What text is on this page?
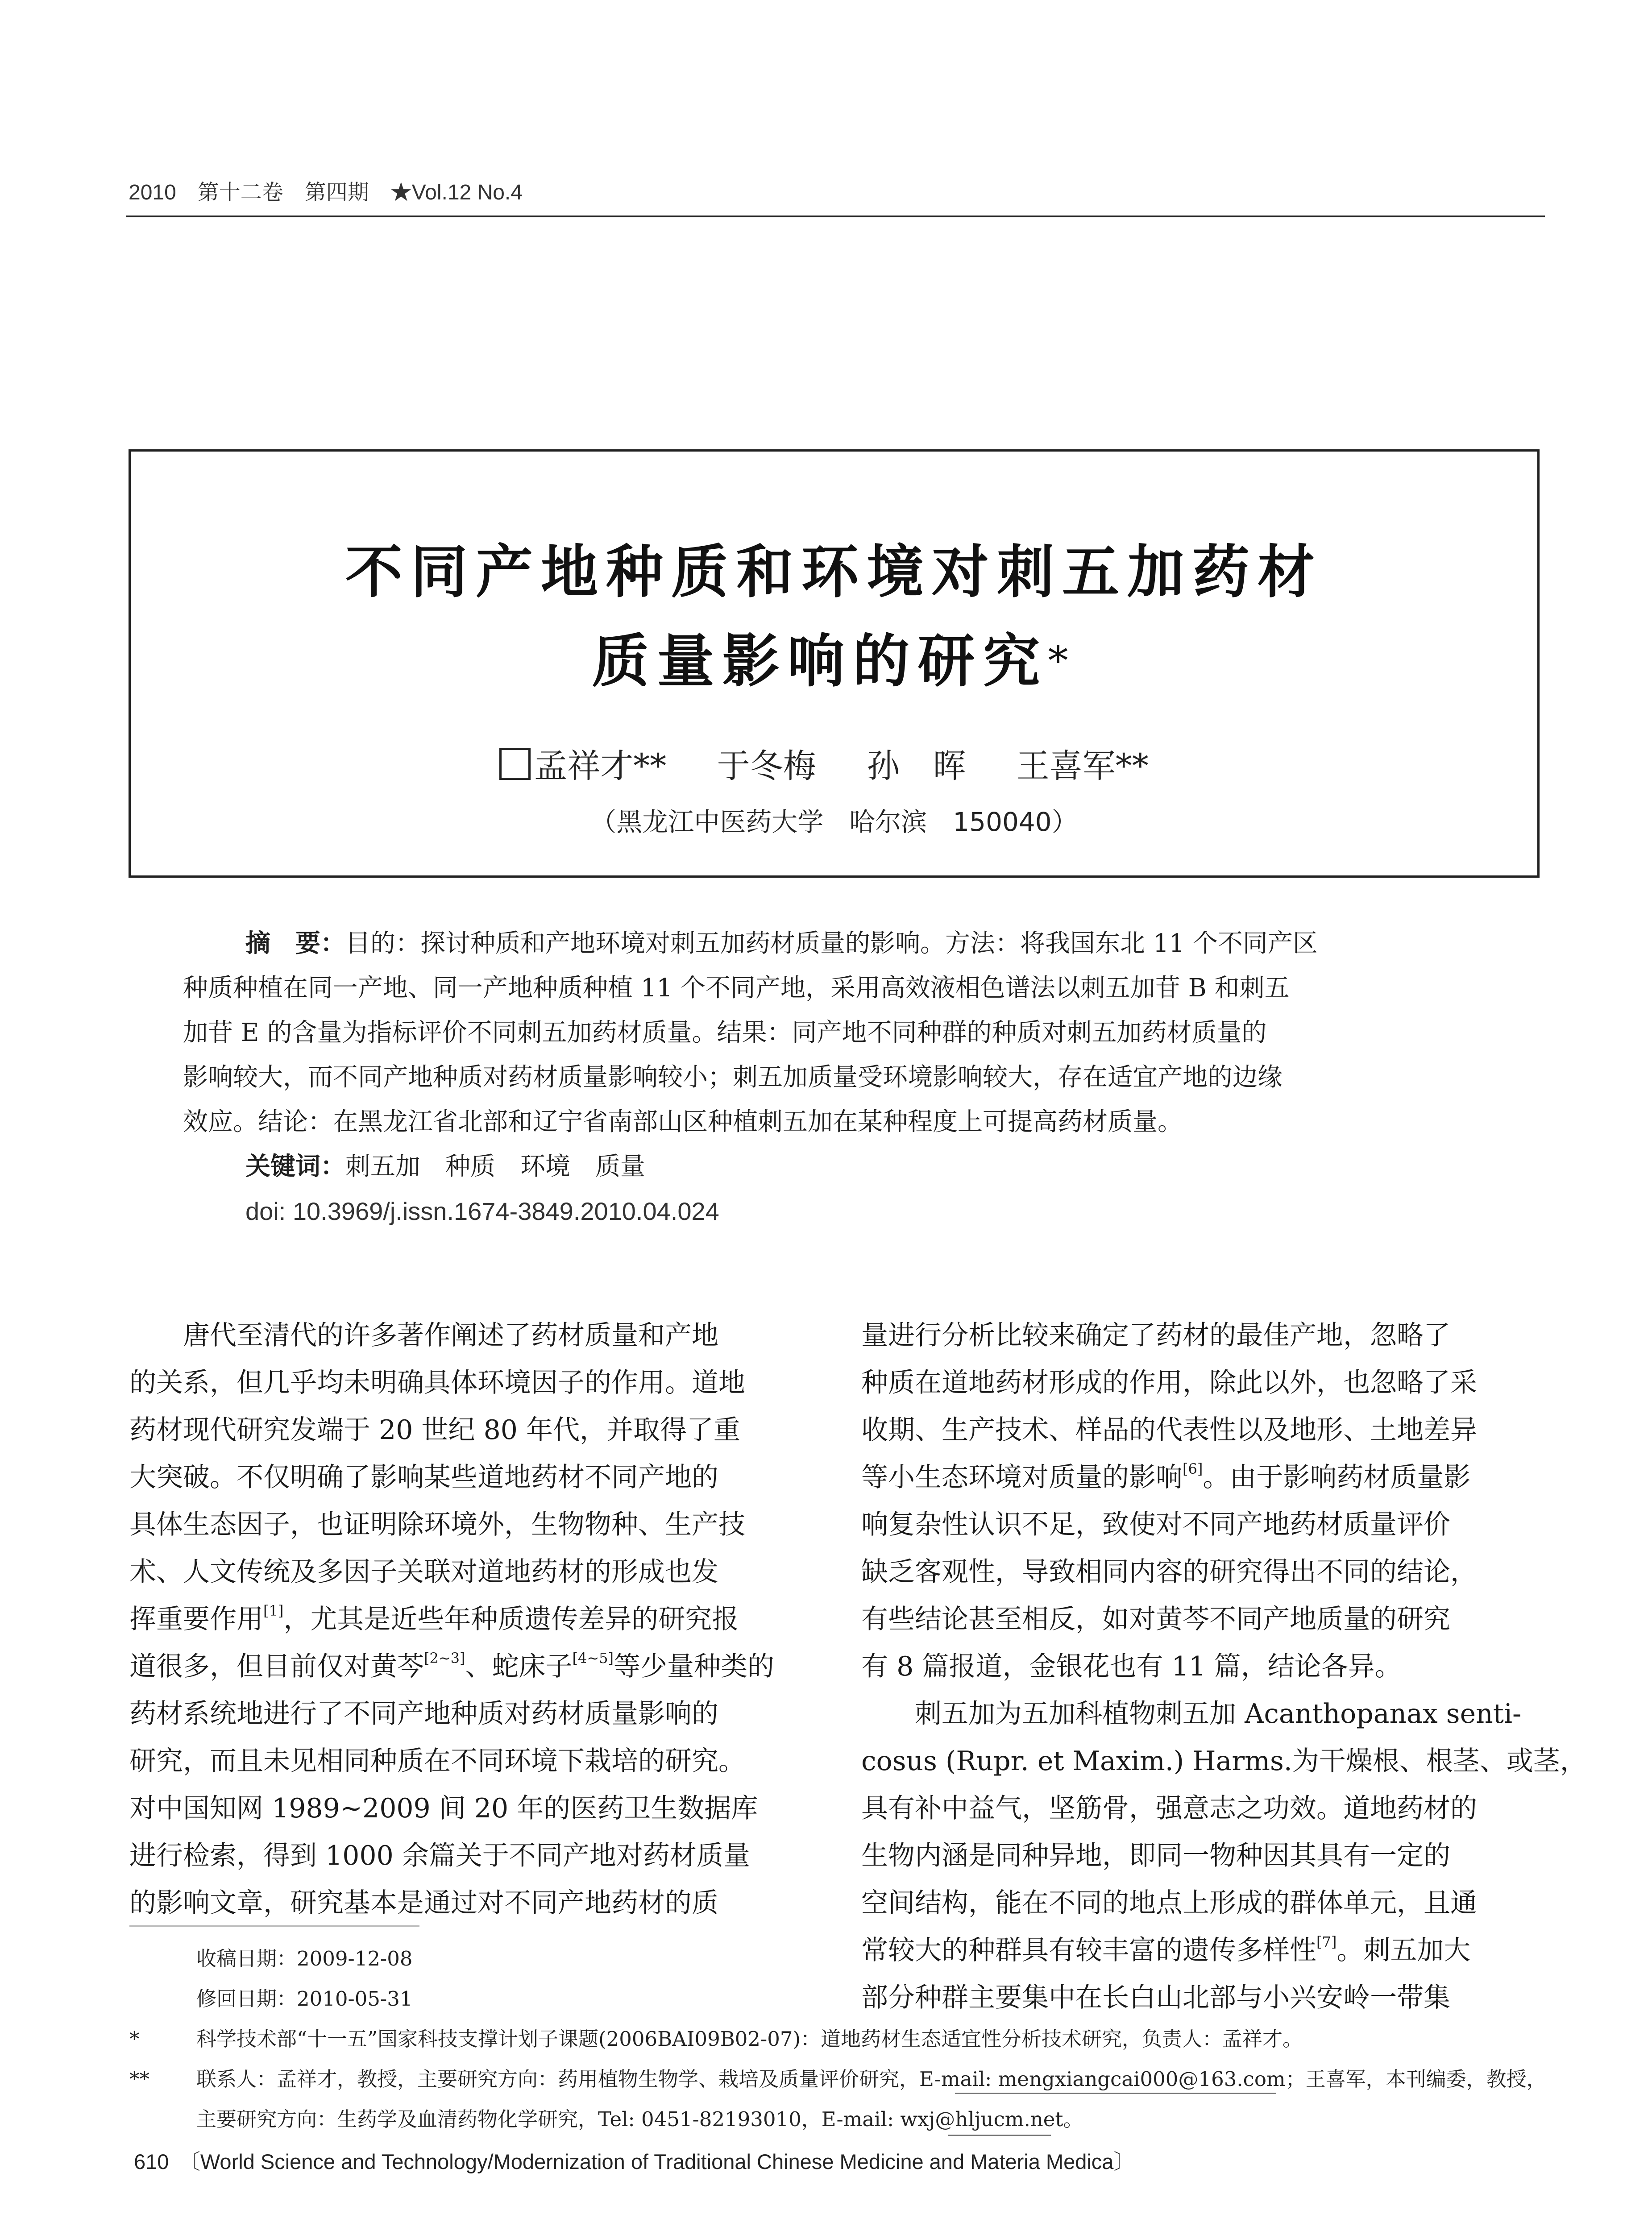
2010　第十二卷　第四期　★Vol.12 No.4
不同产地种质和环境对刺五加药材
质量影响的研究*
孟祥才** 于冬梅 孙　晖 王喜军**
（黑龙江中医药大学　哈尔滨　150040）
摘　要：目的：探讨种质和产地环境对刺五加药材质量的影响。方法：将我国东北 11 个不同产区
种质种植在同一产地、同一产地种质种植 11 个不同产地，采用高效液相色谱法以刺五加苷 B 和刺五
加苷 E 的含量为指标评价不同刺五加药材质量。结果：同产地不同种群的种质对刺五加药材质量的
影响较大，而不同产地种质对药材质量影响较小；刺五加质量受环境影响较大，存在适宜产地的边缘
效应。结论：在黑龙江省北部和辽宁省南部山区种植刺五加在某种程度上可提高药材质量。
关键词：刺五加　种质　环境　质量
doi: 10.3969/j.issn.1674-3849.2010.04.024
唐代至清代的许多著作阐述了药材质量和产地
的关系，但几乎均未明确具体环境因子的作用。道地
药材现代研究发端于 20 世纪 80 年代，并取得了重
大突破。不仅明确了影响某些道地药材不同产地的
具体生态因子，也证明除环境外，生物物种、生产技
术、人文传统及多因子关联对道地药材的形成也发
挥重要作用[1]，尤其是近些年种质遗传差异的研究报
道很多，但目前仅对黄芩[2~3]、蛇床子[4~5]等少量种类的
药材系统地进行了不同产地种质对药材质量影响的
研究，而且未见相同种质在不同环境下栽培的研究。
对中国知网 1989~2009 间 20 年的医药卫生数据库
进行检索，得到 1000 余篇关于不同产地对药材质量
的影响文章，研究基本是通过对不同产地药材的质
量进行分析比较来确定了药材的最佳产地，忽略了
种质在道地药材形成的作用，除此以外，也忽略了采
收期、生产技术、样品的代表性以及地形、土地差异
等小生态环境对质量的影响[6]。由于影响药材质量影
响复杂性认识不足，致使对不同产地药材质量评价
缺乏客观性，导致相同内容的研究得出不同的结论，
有些结论甚至相反，如对黄芩不同产地质量的研究
有 8 篇报道，金银花也有 11 篇，结论各异。
刺五加为五加科植物刺五加 Acanthopanax senti-
cosus (Rupr. et Maxim.) Harms.为干燥根、根茎、或茎，
具有补中益气，坚筋骨，强意志之功效。道地药材的
生物内涵是同种异地，即同一物种因其具有一定的
空间结构，能在不同的地点上形成的群体单元，且通
常较大的种群具有较丰富的遗传多样性[7]。刺五加大
部分种群主要集中在长白山北部与小兴安岭一带集
收稿日期：2009-12-08
修回日期：2010-05-31
*	科学技术部“十一五”国家科技支撑计划子课题(2006BAI09B02-07)：道地药材生态适宜性分析技术研究，负责人：孟祥才。
** 联系人：孟祥才，教授，主要研究方向：药用植物生物学、栽培及质量评价研究，E-mail: mengxiangcai000@163.com；王喜军，本刊编委，教授，
主要研究方向：生药学及血清药物化学研究，Tel: 0451-82193010，E-mail: wxj@hljucm.net。
610　〔World Science and Technology/Modernization of Traditional Chinese Medicine and Materia Medica〕
